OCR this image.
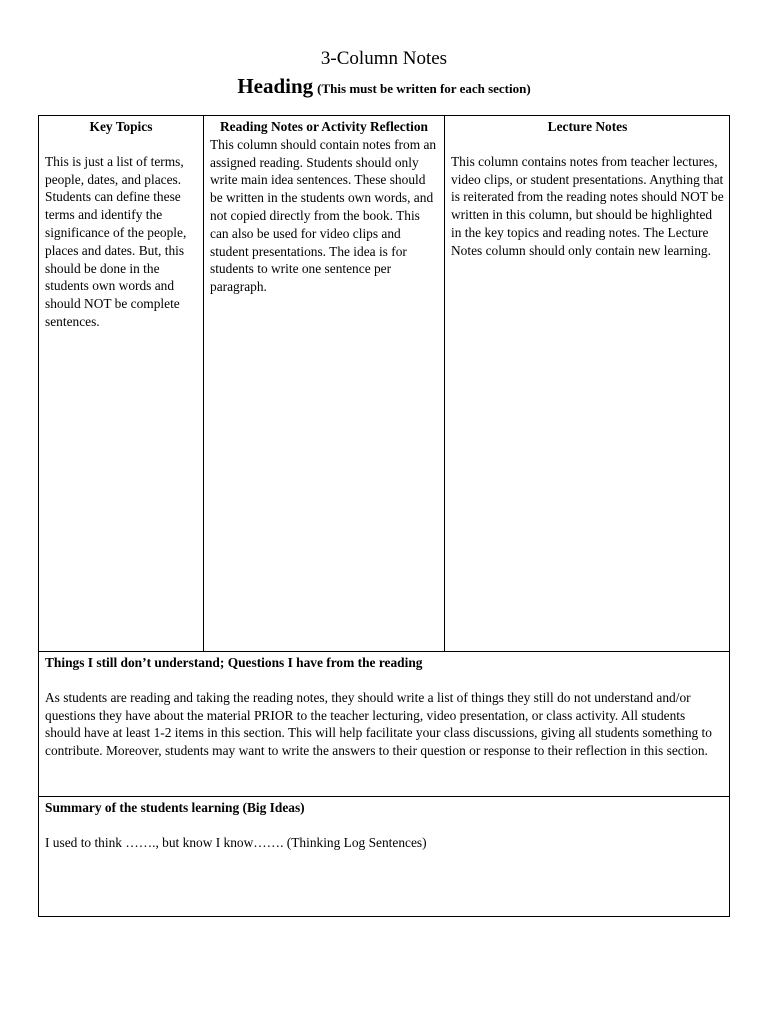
3-Column Notes
Heading (This must be written for each section)

Key Topics

This is just a list of terms, people, dates, and places. Students can define these terms and identify the significance of the people, places and dates. But, this should be done in the students own words and should NOT be complete sentences.

Reading Notes or Activity Reflection

This column should contain notes from an assigned reading. Students should only write main idea sentences. These should be written in the students own words, and not copied directly from the book. This can also be used for video clips and student presentations. The idea is for students to write one sentence per paragraph.

Lecture Notes

This column contains notes from teacher lectures, video clips, or student presentations. Anything that is reiterated from the reading notes should NOT be written in this column, but should be highlighted in the key topics and reading notes. The Lecture Notes column should only contain new learning.

Things I still don’t understand; Questions I have from the reading

As students are reading and taking the reading notes, they should write a list of things they still do not understand and/or questions they have about the material PRIOR to the teacher lecturing, video presentation, or class activity. All students should have at least 1-2 items in this section. This will help facilitate your class discussions, giving all students something to contribute. Moreover, students may want to write the answers to their question or response to their reflection in this section.

Summary of the students learning (Big Ideas)

I used to think ……., but know I know……. (Thinking Log Sentences)
